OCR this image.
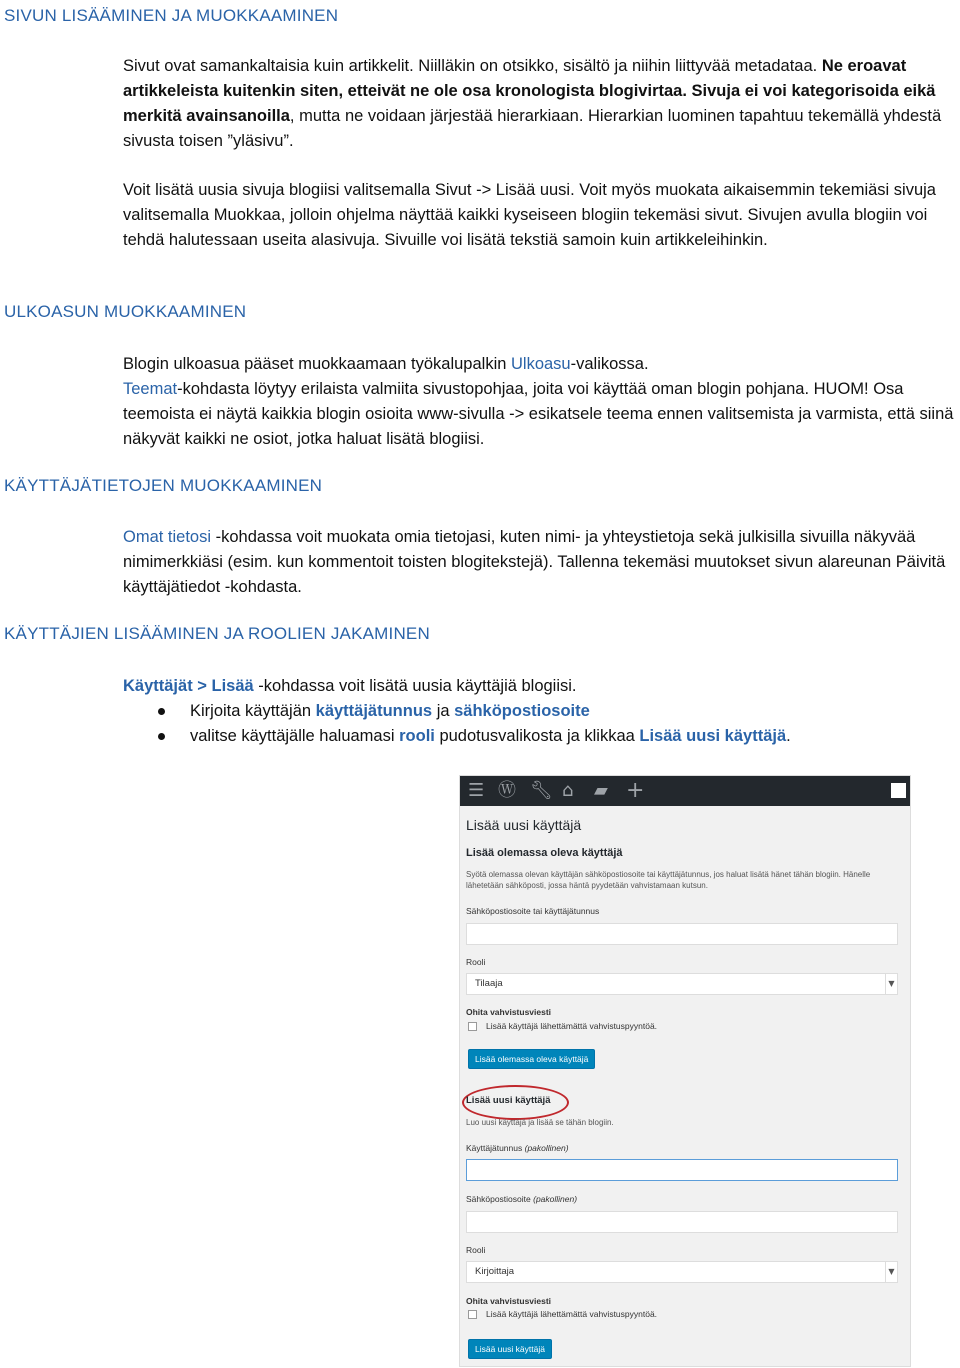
SIVUN LISÄÄMINEN JA MUOKKAAMINEN

Sivut ovat samankaltaisia kuin artikkelit. Niilläkin on otsikko, sisältö ja niihin liittyvää metadataa. Ne eroavat artikkeleista kuitenkin siten, etteivät ne ole osa kronologista blogivirtaa. Sivuja ei voi kategorisoida eikä merkitä avainsanoilla, mutta ne voidaan järjestää hierarkiaan. Hierarkian luominen tapahtuu tekemällä yhdestä sivusta toisen ”yläsivu”.

Voit lisätä uusia sivuja blogiisi valitsemalla Sivut -> Lisää uusi. Voit myös muokata aikaisemmin tekemiäsi sivuja valitsemalla Muokkaa, jolloin ohjelma näyttää kaikki kyseiseen blogiin tekemäsi sivut. Sivujen avulla blogiin voi tehdä halutessaan useita alasivuja. Sivuille voi lisätä tekstiä samoin kuin artikkeleihinkin.

ULKOASUN MUOKKAAMINEN

Blogin ulkoasua pääset muokkaamaan työkalupalkin Ulkoasu-valikossa.
Teemat-kohdasta löytyy erilaista valmiita sivustopohjaa, joita voi käyttää oman blogin pohjana. HUOM! Osa teemoista ei näytä kaikkia blogin osioita www-sivulla -> esikatsele teema ennen valitsemista ja varmista, että siinä näkyvät kaikki ne osiot, jotka haluat lisätä blogiisi.

KÄYTTÄJÄTIETOJEN MUOKKAAMINEN

Omat tietosi -kohdassa voit muokata omia tietojasi, kuten nimi- ja yhteystietoja sekä julkisilla sivuilla näkyvää nimimerkkiäsi (esim. kun kommentoit toisten blogitekstejä). Tallenna tekemäsi muutokset sivun alareunan Päivitä käyttäjätiedot -kohdasta.

KÄYTTÄJIEN LISÄÄMINEN JA ROOLIEN JAKAMINEN

Käyttäjät > Lisää -kohdassa voit lisätä uusia käyttäjiä blogiisi.

Kirjoita käyttäjän käyttäjätunnus ja sähköpostiosoite
valitse käyttäjälle haluamasi rooli pudotusvalikosta ja klikkaa Lisää uusi käyttäjä.
☰ Ⓦ 🔧︎ ⌂ ▰ +

Lisää uusi käyttäjä

Lisää olemassa oleva käyttäjä

Syötä olemassa olevan käyttäjän sähköpostiosoite tai käyttäjätunnus, jos haluat lisätä hänet tähän blogiin. Hänelle lähetetään sähköposti, jossa häntä pyydetään vahvistamaan kutsun.

Sähköpostiosoite tai käyttäjätunnus

Rooli

Tilaaja	▼

Ohita vahvistusviesti

Lisää käyttäjä lähettämättä vahvistuspyyntöä.

Lisää olemassa oleva käyttäjä

Lisää uusi käyttäjä

Luo uusi käyttäjä ja lisää se tähän blogiin.

Käyttäjätunnus (pakollinen)

Sähköpostiosoite (pakollinen)

Rooli

Kirjoittaja	▼

Ohita vahvistusviesti

Lisää käyttäjä lähettämättä vahvistuspyyntöä.

Lisää uusi käyttäjä
